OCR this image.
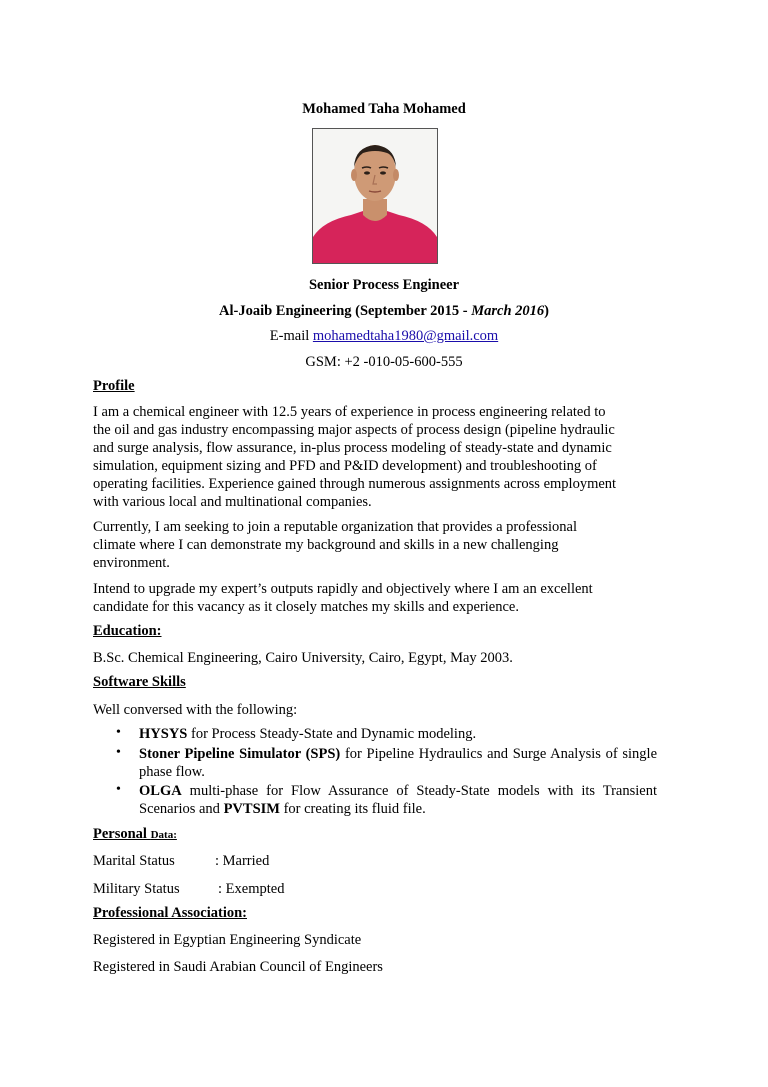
Mohamed Taha Mohamed
Senior Process Engineer
Al-Joaib Engineering (September 2015 - March 2016)
E-mail mohamedtaha1980@gmail.com
GSM: +2 -010-05-600-555
Profile
I am a chemical engineer with 12.5 years of experience in process engineering related to
the oil and gas industry encompassing major aspects of process design (pipeline hydraulic
and surge analysis, flow assurance, in-plus process modeling of steady-state and dynamic
simulation, equipment sizing and PFD and P&ID development) and troubleshooting of
operating facilities. Experience gained through numerous assignments across employment
with various local and multinational companies.
Currently, I am seeking to join a reputable organization that provides a professional
climate where I can demonstrate my background and skills in a new challenging
environment.
Intend to upgrade my expert’s outputs rapidly and objectively where I am an excellent
candidate for this vacancy as it closely matches my skills and experience.
Education:
B.Sc. Chemical Engineering, Cairo University, Cairo, Egypt, May 2003.
Software Skills
Well conversed with the following:
• HYSYS for Process Steady-State and Dynamic modeling.
• Stoner Pipeline Simulator (SPS) for Pipeline Hydraulics and Surge Analysis of single phase flow.
• OLGA multi-phase for Flow Assurance of Steady-State models with its Transient Scenarios and PVTSIM for creating its fluid file.
Personal Data:
Marital Status	: Married
Military Status	: Exempted
Professional Association:
Registered in Egyptian Engineering Syndicate
Registered in Saudi Arabian Council of Engineers
